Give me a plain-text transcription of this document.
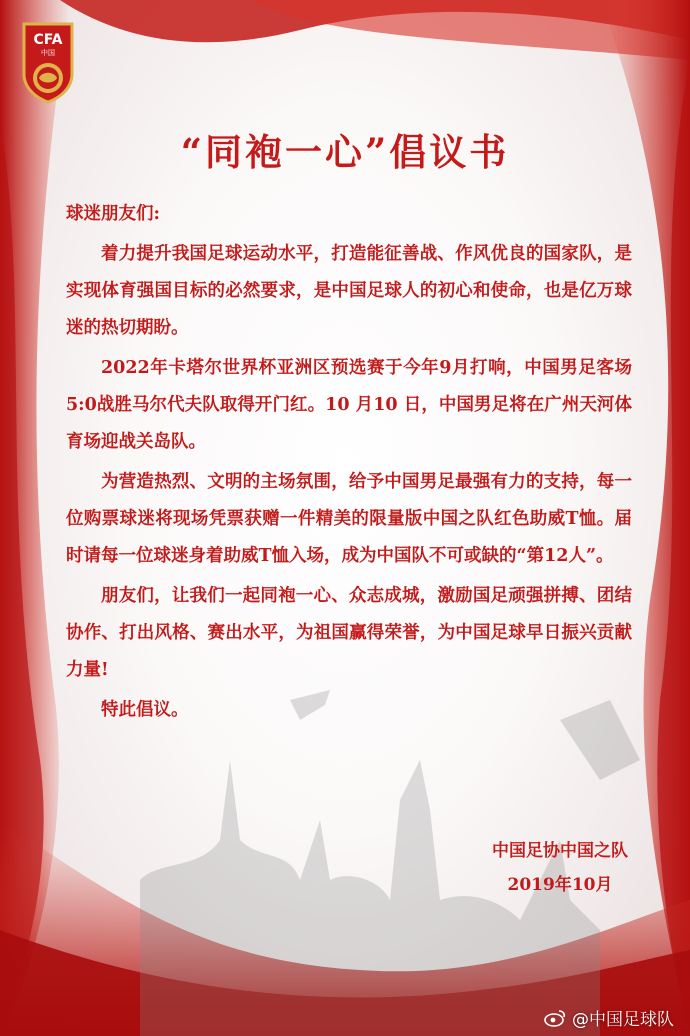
CFA
中国
“同袍一心”倡议书

球迷朋友们:

着力提升我国足球运动水平，打造能征善战、作风优良的国家队，是实现体育强国目标的必然要求，是中国足球人的初心和使命，也是亿万球迷的热切期盼。

2022年卡塔尔世界杯亚洲区预选赛于今年9月打响，中国男足客场5:0战胜马尔代夫队取得开门红。10 月10 日，中国男足将在广州天河体育场迎战关岛队。

为营造热烈、文明的主场氛围，给予中国男足最强有力的支持，每一位购票球迷将现场凭票获赠一件精美的限量版中国之队红色助威T恤。届时请每一位球迷身着助威T恤入场，成为中国队不可或缺的“第12人”。

朋友们，让我们一起同袍一心、众志成城，激励国足顽强拼搏、团结协作、打出风格、赛出水平，为祖国赢得荣誉，为中国足球早日振兴贡献力量!

特此倡议。

中国足协中国之队
2019年10月
@中国足球队
